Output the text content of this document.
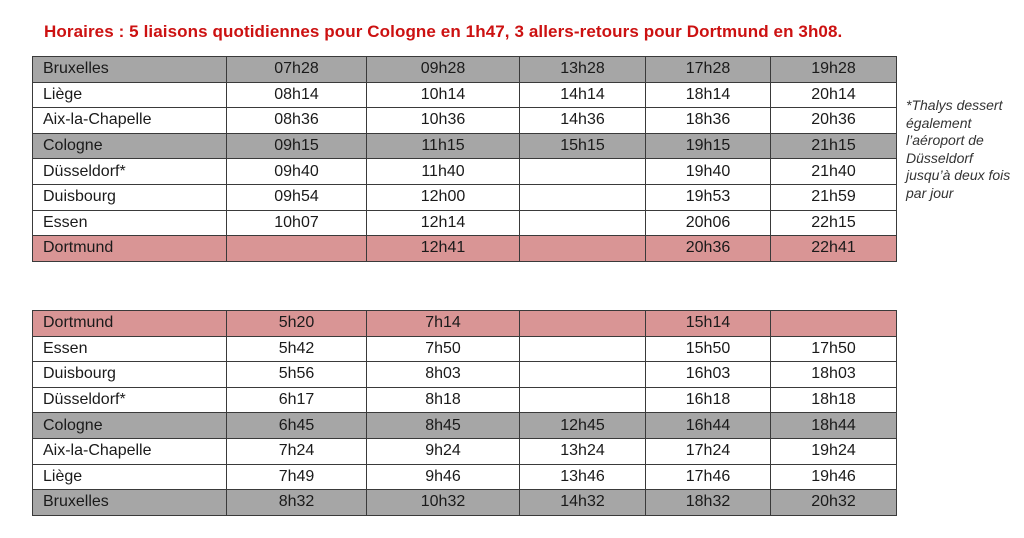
Horaires : 5 liaisons quotidiennes pour Cologne en 1h47, 3 allers-retours pour Dortmund en 3h08.
Bruxelles	07h28	09h28	13h28	17h28	19h28
Liège	08h14	10h14	14h14	18h14	20h14
Aix-la-Chapelle	08h36	10h36	14h36	18h36	20h36
Cologne	09h15	11h15	15h15	19h15	21h15
Düsseldorf*	09h40	11h40		19h40	21h40
Duisbourg	09h54	12h00		19h53	21h59
Essen	10h07	12h14		20h06	22h15
Dortmund		12h41		20h36	22h41
Dortmund	5h20	7h14		15h14	
Essen	5h42	7h50		15h50	17h50
Duisbourg	5h56	8h03		16h03	18h03
Düsseldorf*	6h17	8h18		16h18	18h18
Cologne	6h45	8h45	12h45	16h44	18h44
Aix-la-Chapelle	7h24	9h24	13h24	17h24	19h24
Liège	7h49	9h46	13h46	17h46	19h46
Bruxelles	8h32	10h32	14h32	18h32	20h32
*Thalys dessert également l’aéroport de Düsseldorf jusqu’à deux fois par jour
